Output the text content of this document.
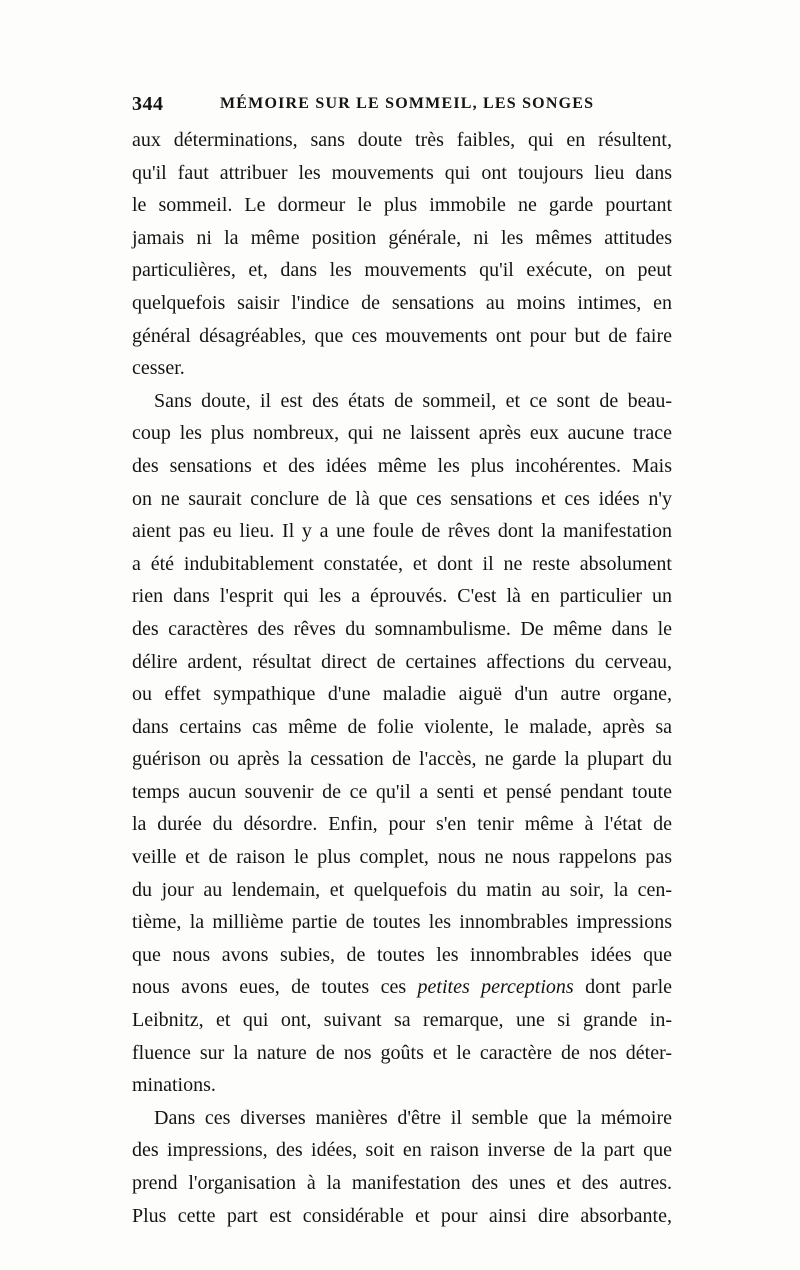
344	MÉMOIRE SUR LE SOMMEIL, LES SONGES
aux déterminations, sans doute très faibles, qui en résultent,
qu'il faut attribuer les mouvements qui ont toujours lieu dans
le sommeil. Le dormeur le plus immobile ne garde pourtant
jamais ni la même position générale, ni les mêmes attitudes
particulières, et, dans les mouvements qu'il exécute, on peut
quelquefois saisir l'indice de sensations au moins intimes, en
général désagréables, que ces mouvements ont pour but de faire
cesser.
Sans doute, il est des états de sommeil, et ce sont de beau-
coup les plus nombreux, qui ne laissent après eux aucune trace
des sensations et des idées même les plus incohérentes. Mais
on ne saurait conclure de là que ces sensations et ces idées n'y
aient pas eu lieu. Il y a une foule de rêves dont la manifestation
a été indubitablement constatée, et dont il ne reste absolument
rien dans l'esprit qui les a éprouvés. C'est là en particulier un
des caractères des rêves du somnambulisme. De même dans le
délire ardent, résultat direct de certaines affections du cerveau,
ou effet sympathique d'une maladie aiguë d'un autre organe,
dans certains cas même de folie violente, le malade, après sa
guérison ou après la cessation de l'accès, ne garde la plupart du
temps aucun souvenir de ce qu'il a senti et pensé pendant toute
la durée du désordre. Enfin, pour s'en tenir même à l'état de
veille et de raison le plus complet, nous ne nous rappelons pas
du jour au lendemain, et quelquefois du matin au soir, la cen-
tième, la millième partie de toutes les innombrables impressions
que nous avons subies, de toutes les innombrables idées que
nous avons eues, de toutes ces petites perceptions dont parle
Leibnitz, et qui ont, suivant sa remarque, une si grande in-
fluence sur la nature de nos goûts et le caractère de nos déter-
minations.
Dans ces diverses manières d'être il semble que la mémoire
des impressions, des idées, soit en raison inverse de la part que
prend l'organisation à la manifestation des unes et des autres.
Plus cette part est considérable et pour ainsi dire absorbante,
